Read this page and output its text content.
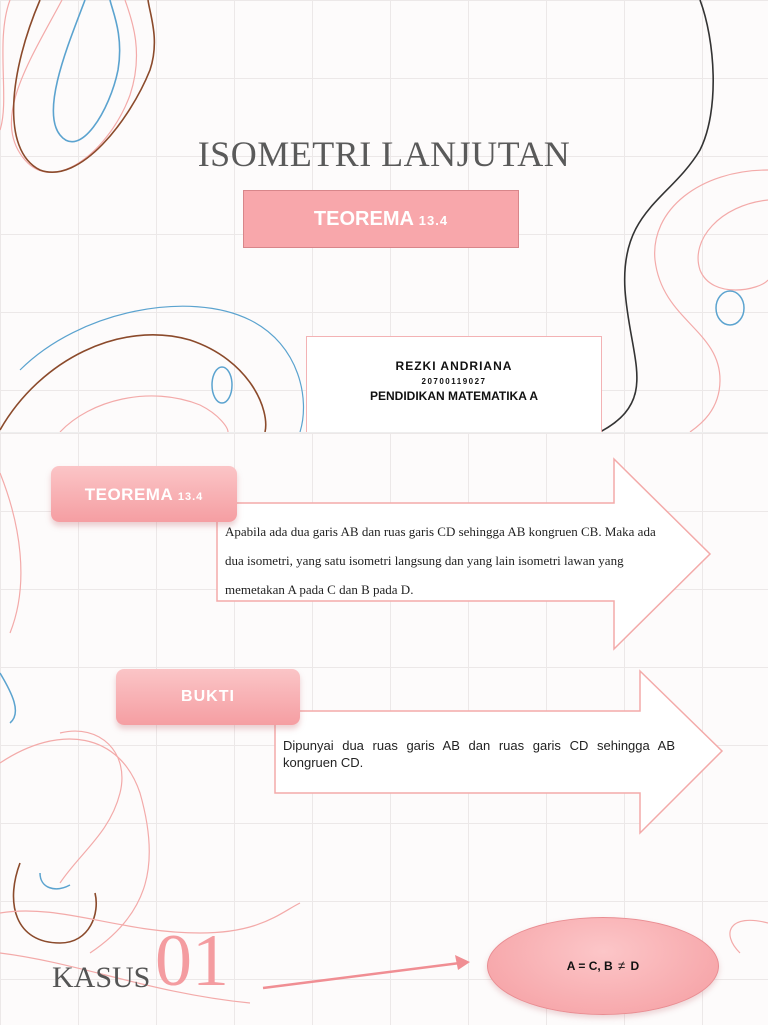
ISOMETRI LANJUTAN
TEOREMA 13.4
REZKI ANDRIANA
20700119027
PENDIDIKAN MATEMATIKA A
TEOREMA 13.4
Apabila ada dua garis AB dan ruas garis CD sehingga AB kongruen CB. Maka ada dua isometri, yang satu isometri langsung dan yang lain isometri lawan yang memetakan A pada C dan B pada D.
BUKTI
Dipunyai dua ruas garis AB dan ruas garis CD sehingga AB kongruen CD.
KASUS 01	A = C, B ≠ D
